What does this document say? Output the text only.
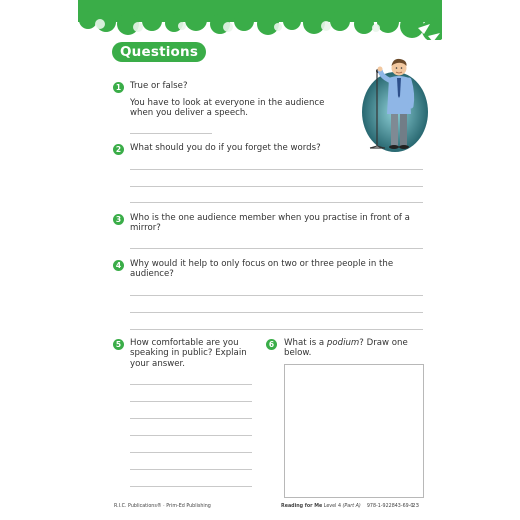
Questions
1	True or false?
You have to look at everyone in the audience when you deliver a speech.
2	What should you do if you forget the words?
3	Who is the one audience member when you practise in front of a mirror?
4	Why would it help to only focus on two or three people in the audience?
5	How comfortable are you speaking in public? Explain your answer.
6	What is a podium? Draw one below.
R.I.C. Publications® · Prim-Ed Publishing	Reading for Me Level 4 (Part A) 978-1-922843-69-0
23
